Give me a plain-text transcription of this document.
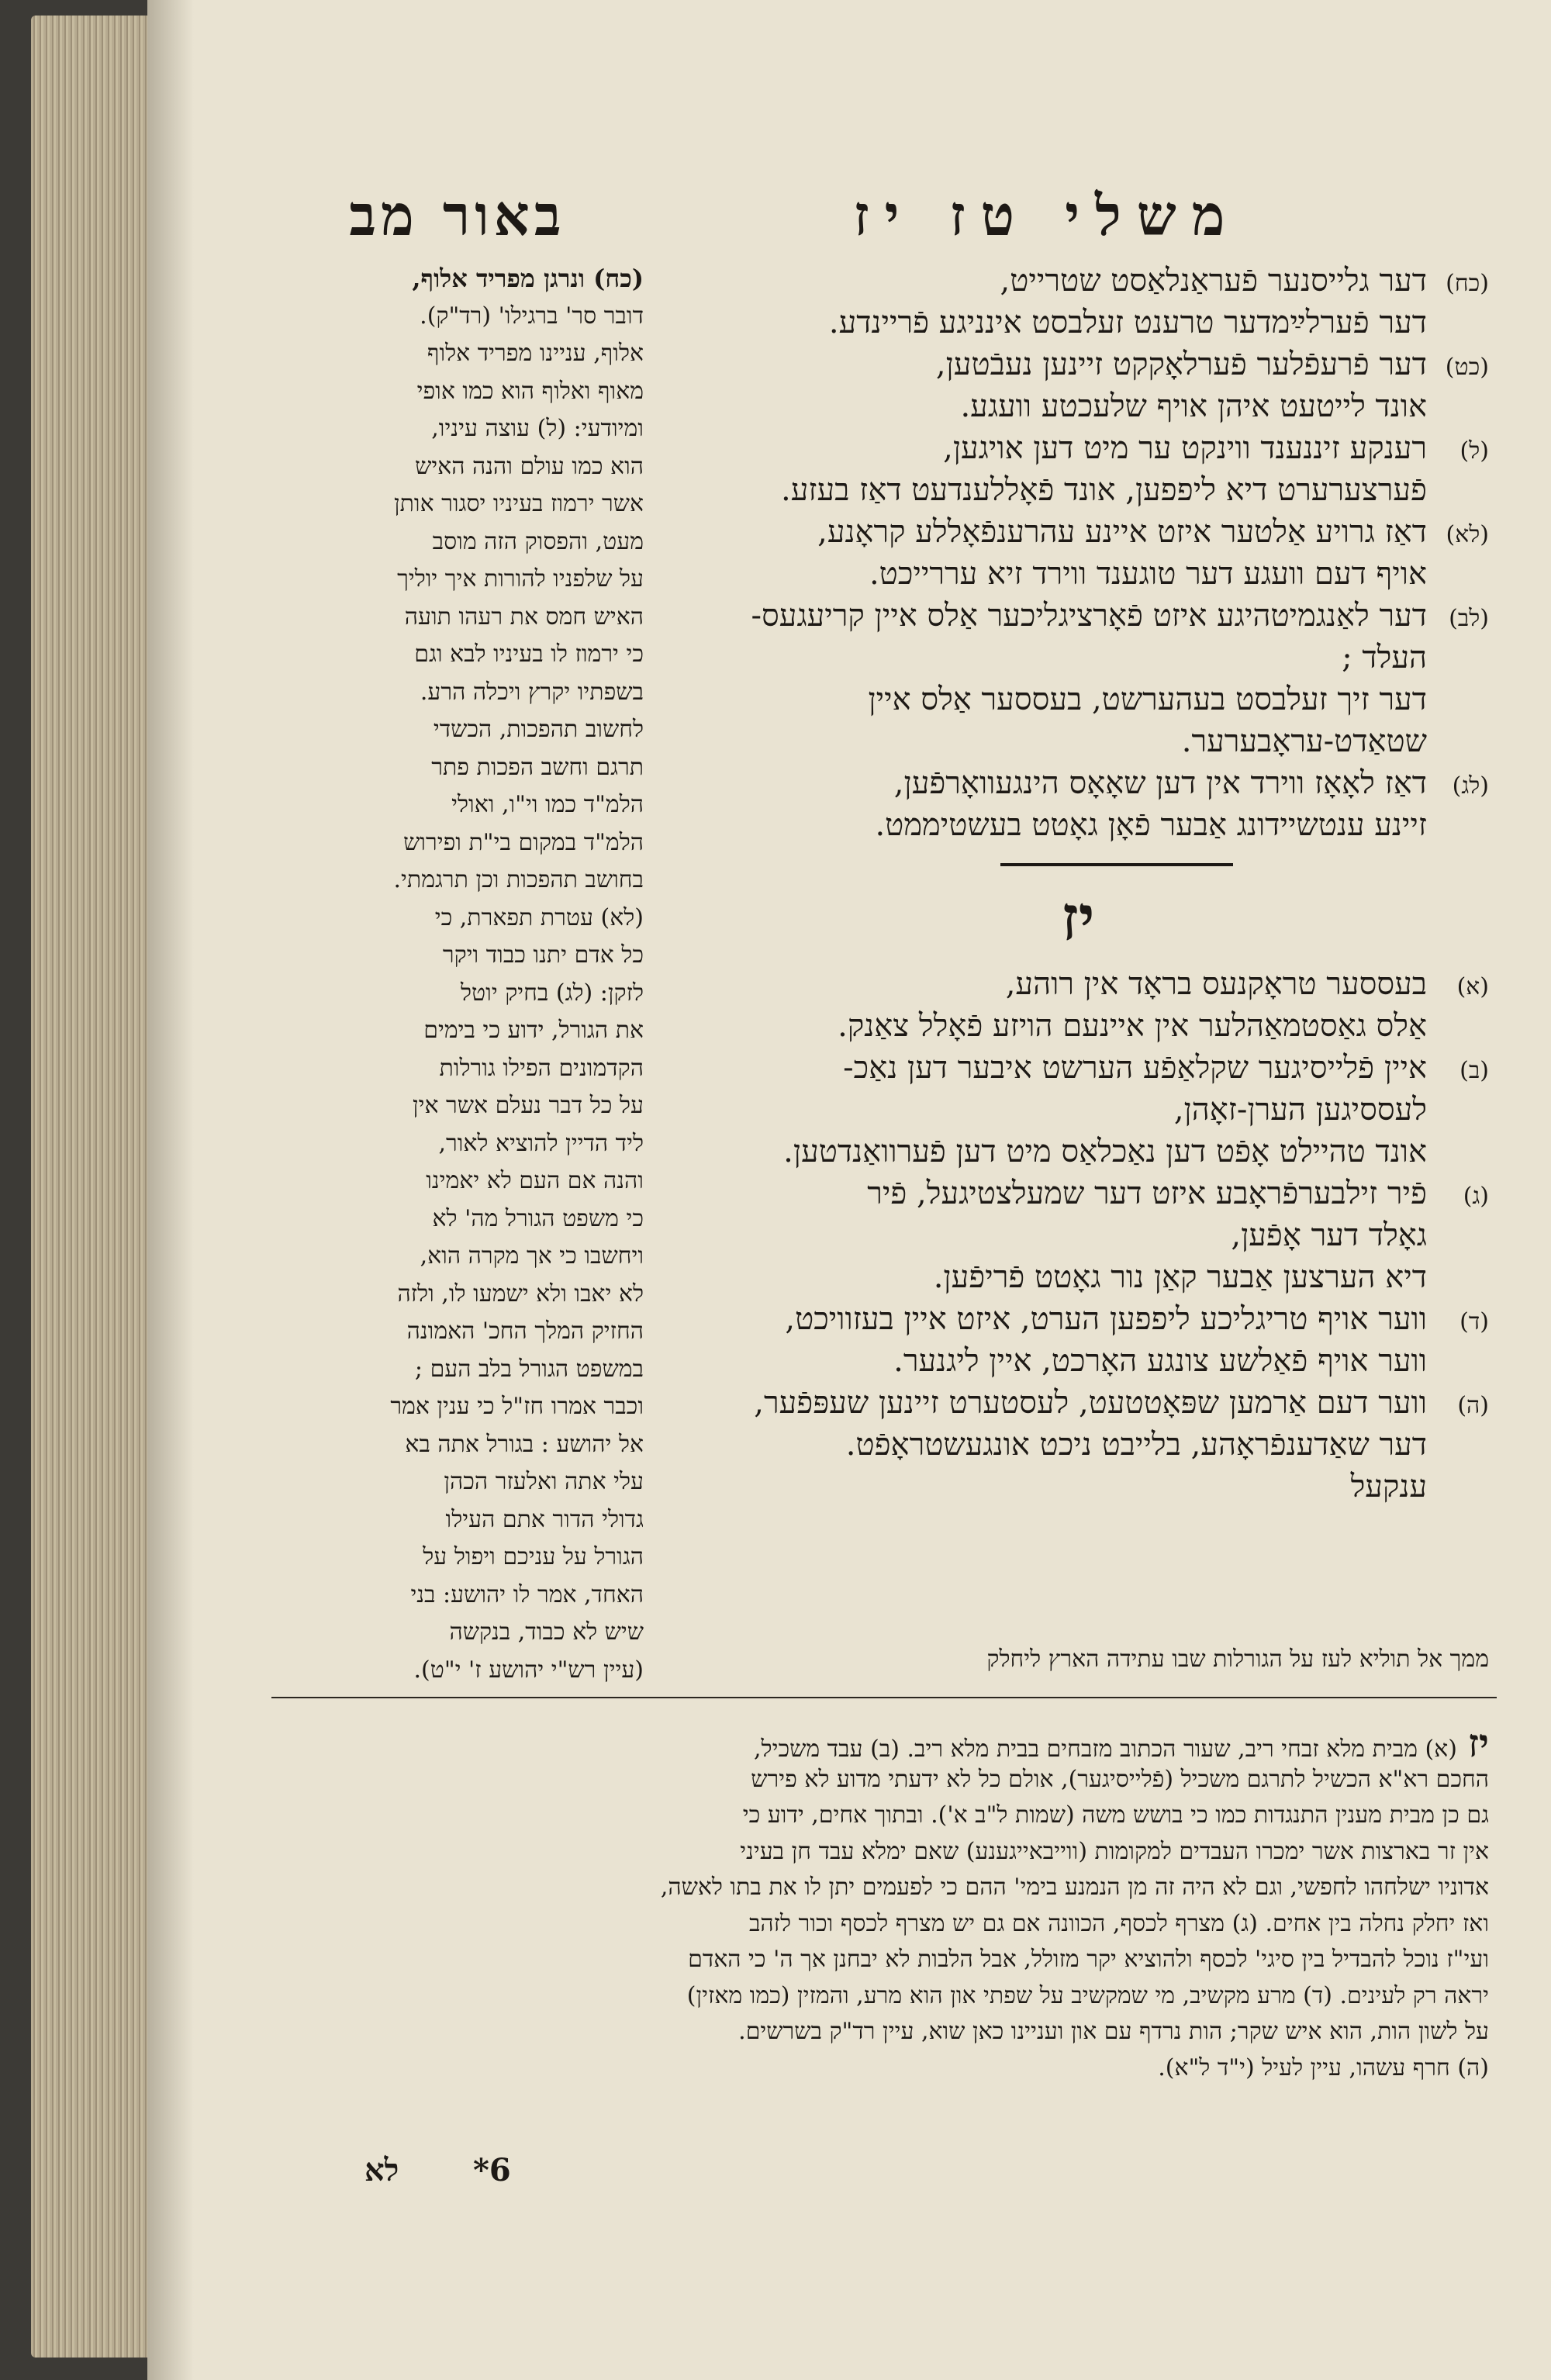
משלי טז יז
באור מב
(כח)
דער גלייסנער פֿעראַנלאַסט שטרייט,
דער פֿערלײַמדער טרענט זעלבסט אינניגע פֿריינדע.
(כט)
דער פֿרעפֿלער פֿערלאָקקט זיינען נעבֿטען,
אונד לייטעט איהן אויף שלעכטע וועגע.
(ל)
רענקע זיננענד ווינקט ער מיט דען אויגען,
פֿערצערערט דיא ליפפען, אונד פֿאָללענדעט דאַז בעזע.
(לא)
דאַז גרויע אַלטער איזט איינע עהרענפֿאָללע קראָנע,
אויף דעם וועגע דער טוגענד ווירד זיא עררייכט.
(לב)
דער לאַנגמיטהיגע איזט פֿאָרציגליכער אַלס איין קריעגעס-
העלד ;
דער זיך זעלבסט בעהערשט, בעססער אַלס איין
שטאַדט-עראָבערער.
(לג)
דאַז לאָאָז ווירד אין דען שאָאָס הינגעוואָרפֿען,
זיינע ענטשיידונג אַבער פֿאָן גאָטט בעשטיממט.
יז
(א)
בעססער טראָקנעס בראָד אין רוהע,
אַלס גאַסטמאַהלער אין איינעם הויזע פֿאָלל צאַנק.
(ב)
איין פֿלייסיגער שקלאַפֿע הערשט איבער דען נאַכ-
לעססיגען הערן-זאָהן,
אונד טהיילט אָפֿט דען נאַכלאַס מיט דען פֿערוואַנדטען.
(ג)
פֿיר זילבערפֿראָבע איזט דער שמעלצטיגעל, פֿיר
גאָלד דער אָפֿען,
דיא הערצען אַבער קאַן נור גאָטט פֿריפֿען.
(ד)
ווער אויף טריגליכע ליפפען הערט, איזט איין בעזוויכט,
ווער אויף פֿאַלשע צונגע האָרכט, איין ליגנער.
(ה)
ווער דעם אַרמען שפּאָטטעט, לעסטערט זיינען שעפּפֿער,
דער שאַדענפֿראָהע, בלייבט ניכט אונגעשטראָפֿט.
ענקעל
(כח) ונרגן מפריד אלוף,
דובר סר' ברגילו' (רד"ק).
אלוף, עניינו מפריד אלוף
מאוף ואלוף הוא כמו אופי
ומיודעי: (ל) עוצה עיניו,
הוא כמו עולם והנה האיש
אשר ירמוז בעיניו יסגור אותן
מעט, והפסוק הזה מוסב
על שלפניו להורות איך יוליך
האיש חמס את רעהו תועה
כי ירמוז לו בעיניו לבא וגם
בשפתיו יקרץ ויכלה הרע.
לחשוב תהפכות, הכשדי
תרגם וחשב הפכות פתר
הלמ"ד כמו וי"ו, ואולי
הלמ"ד במקום בי"ת ופירוש
בחושב תהפכות וכן תרגמתי.
(לא) עטרת תפארת, כי
כל אדם יתנו כבוד ויקר
לזקן: (לג) בחיק יוטל
את הגורל, ידוע כי בימים
הקדמונים הפילו גורלות
על כל דבר נעלם אשר אין
ליד הדיין להוציא לאור,
והנה אם העם לא יאמינו
כי משפט הגורל מה' לא
ויחשבו כי אך מקרה הוא,
לא יאבו ולא ישמעו לו, ולזה
החזיק המלך החכ' האמונה
במשפט הגורל בלב העם ;
וכבר אמרו חז"ל כי ענין אמר
אל יהושע : בגורל אתה בא
עלי אתה ואלעזר הכהן
גדולי הדור אתם העילו
הגורל על עניכם ויפול על
האחד, אמר לו יהושע: בני
שיש לא כבוד, בנקשה
(עיין רש"י יהושע ז' י"ט).	ממך אל תוליא לעז על הגורלות שבו עתידה הארץ ליחלק
יז(א) מבית מלא זבחי ריב, שעור הכתוב מזבחים בבית מלא ריב. (ב) עבד משכיל,
החכם רא"א הכשיל לתרגם משכיל (פֿלייסיגער), אולם כל לא ידעתי מדוע לא פירש
גם כן מבית מענין התנגדות כמו כי בושש משה (שמות ל"ב א'). ובתוך אחים, ידוע כי
אין זר בארצות אשר ימכרו העבדים למקומות (ווייבאייגענע) שאם ימלא עבד חן בעיני
אדוניו ישלחהו לחפשי, וגם לא היה זה מן הנמנע בימי' ההם כי לפעמים יתן לו את בתו לאשה,
ואז יחלק נחלה בין אחים. (ג) מצרף לכסף, הכוונה אם גם יש מצרף לכסף וכור לזהב
ועי"ז נוכל להבדיל בין סיגי' לכסף ולהוציא יקר מזולל, אבל הלבות לא יבחנן אך ה' כי האדם
יראה רק לעינים. (ד) מרע מקשיב, מי שמקשיב על שפתי און הוא מרע, והמזין (כמו מאזין)
על לשון הות, הוא איש שקר; הות נרדף עם און ועניינו כאן שוא, עיין רד"ק בשרשים.
(ה) חרף עשהו, עיין לעיל (י"ד ל"א).
6*
לא
